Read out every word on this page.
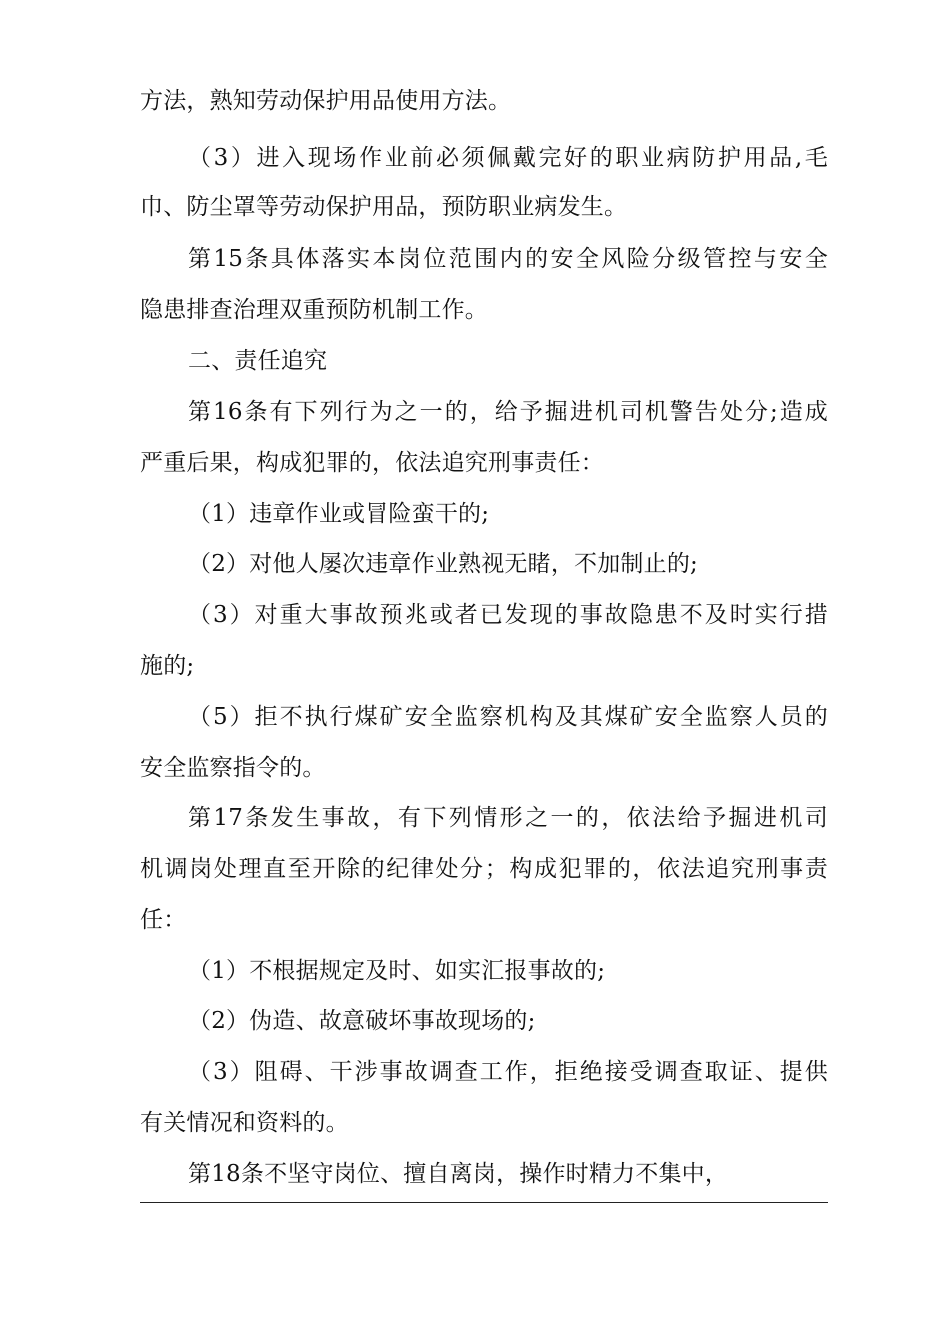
方法，熟知劳动保护用品使用方法。
（3）进入现场作业前必须佩戴完好的职业病防护用品,毛
巾、防尘罩等劳动保护用品，预防职业病发生。
第15条具体落实本岗位范围内的安全风险分级管控与安全
隐患排查治理双重预防机制工作。
二、责任追究
第16条有下列行为之一的，给予掘进机司机警告处分;造成
严重后果，构成犯罪的，依法追究刑事责任：
（1）违章作业或冒险蛮干的;
（2）对他人屡次违章作业熟视无睹，不加制止的;
（3）对重大事故预兆或者已发现的事故隐患不及时实行措
施的;
（5）拒不执行煤矿安全监察机构及其煤矿安全监察人员的
安全监察指令的。
第17条发生事故，有下列情形之一的，依法给予掘进机司
机调岗处理直至开除的纪律处分；构成犯罪的，依法追究刑事责
任：
（1）不根据规定及时、如实汇报事故的;
（2）伪造、故意破坏事故现场的;
（3）阻碍、干涉事故调查工作，拒绝接受调查取证、提供
有关情况和资料的。
第18条不坚守岗位、擅自离岗，操作时精力不集中，
